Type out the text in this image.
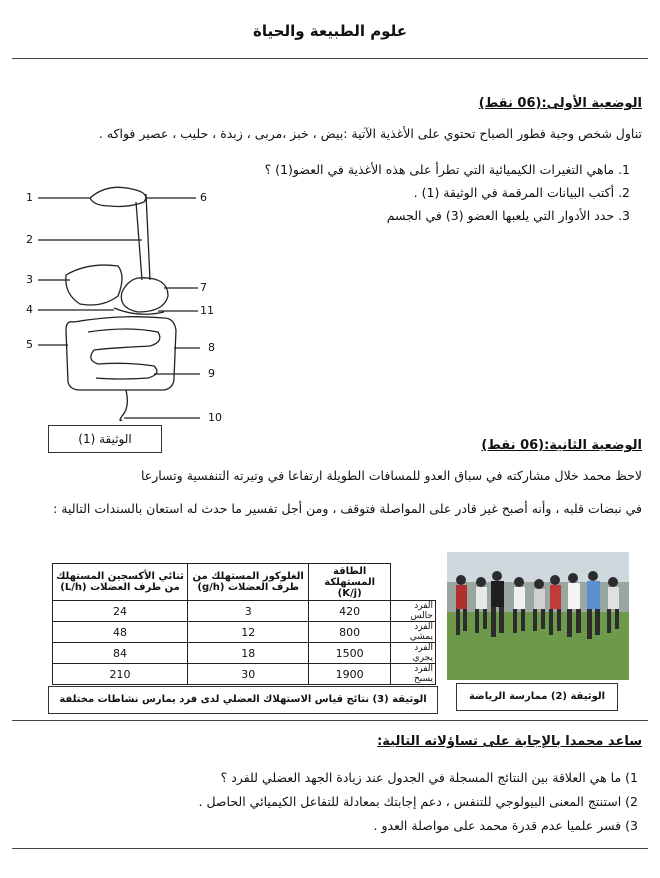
علوم الطبيعة والحياة
الوضعية الأولى:(06 نقط)
تناول شخص وجبة فطور الصباح تحتوي على الأغذية الآتية :بيض ، خبز ،مربى ، زبدة ، حليب ، عصير فواكه .
1. ماهي التغيرات الكيميائية التي تطرأ على هذه الأغذية في العضو(1) ؟
2. أكتب البيانات المرقمة في الوثيقة (1) .
3. حدد الأدوار التي يلعبها العضو (3) في الجسم
1
2
3
4
5
6
7
8
9
10
11
الوثيقة (1)	الوضعية الثانية:(06 نقط)
لاحظ محمد خلال مشاركته في سباق العدو للمسافات الطويلة ارتفاعا في وتيرته التنفسية وتسارعا
في نبضات قلبه ، وأنه أصبح غير قادر على المواصلة فتوقف ، ومن أجل تفسير ما حدث له استعان بالسندات التالية :
	الطاقة المستهلكة (K/j)	الغلوكوز المستهلك من طرف العضلات (g/h)	ثنائي الأكسجين المستهلك من طرف العضلات (L/h)
الفرد جالس	420	3	24
الفرد يمشي	800	12	48
الفرد يجري	1500	18	84
الفرد يسبح	1900	30	210
الوثيقة (3) نتائج قياس الاستهلاك العضلي لدى فرد يمارس نشاطات مختلفة	الوثيقة (2) ممارسة الرياضة
ساعد محمدا بالإجابة على تساؤلاته التالية:
1) ما هي العلاقة بين النتائج المسجلة في الجدول عند زيادة الجهد العضلي للفرد ؟
2) استنتج المعنى البيولوجي للتنفس ، دعم إجابتك بمعادلة للتفاعل الكيميائي الحاصل .
3) فسر علميا عدم قدرة محمد على مواصلة العدو .
